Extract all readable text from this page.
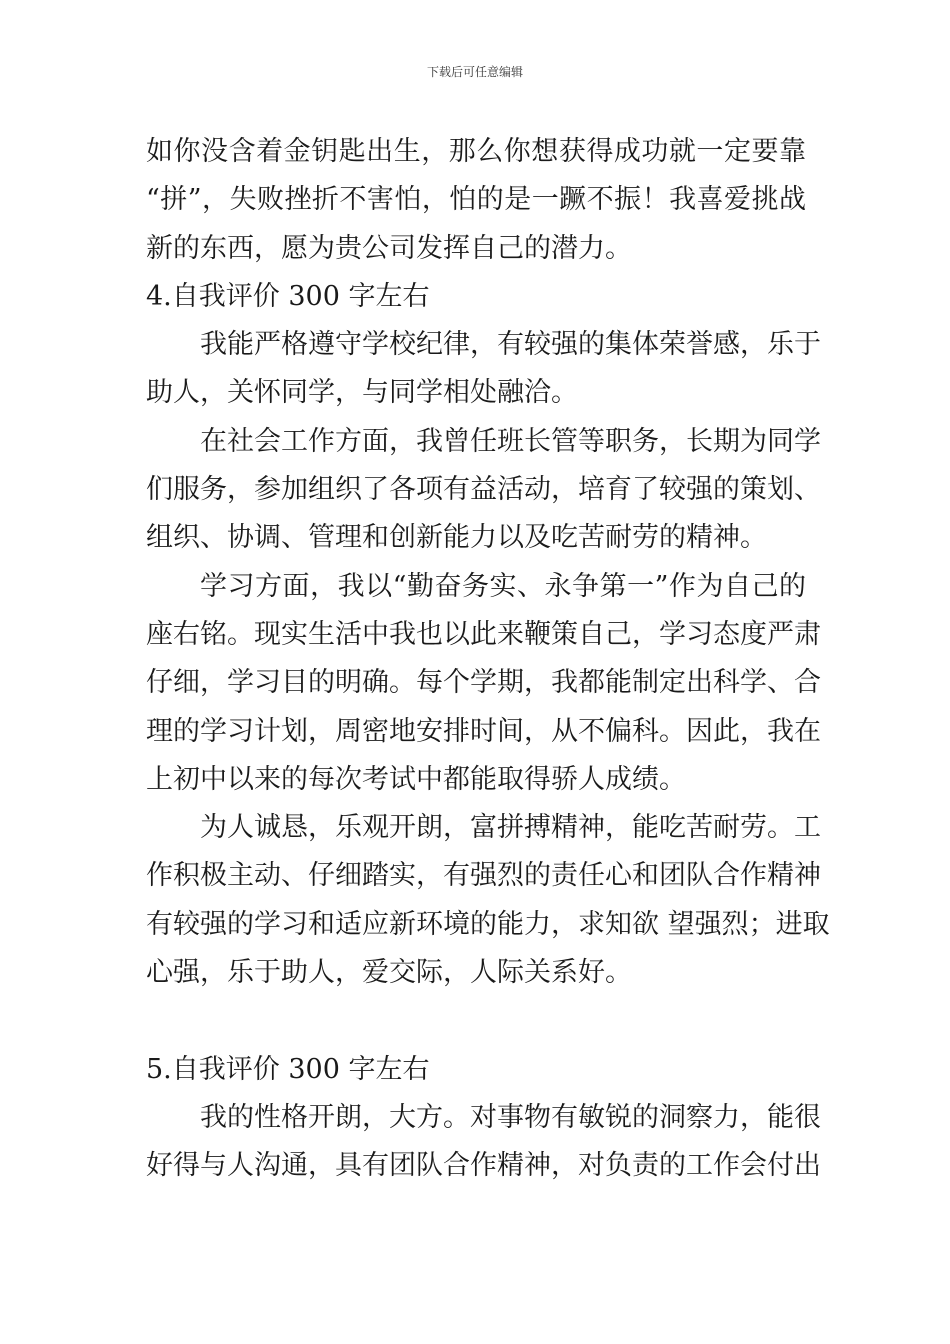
下载后可任意编辑
如你没含着金钥匙出生，那么你想获得成功就一定要靠
“拼”，失败挫折不害怕，怕的是一蹶不振！我喜爱挑战
新的东西，愿为贵公司发挥自己的潜力。
4.自我评价 300 字左右
我能严格遵守学校纪律，有较强的集体荣誉感，乐于
助人，关怀同学，与同学相处融洽。
在社会工作方面，我曾任班长管等职务，长期为同学
们服务，参加组织了各项有益活动，培育了较强的策划、
组织、协调、管理和创新能力以及吃苦耐劳的精神。
学习方面，我以“勤奋务实、永争第一”作为自己的
座右铭。现实生活中我也以此来鞭策自己，学习态度严肃
仔细，学习目的明确。每个学期，我都能制定出科学、合
理的学习计划，周密地安排时间，从不偏科。因此，我在
上初中以来的每次考试中都能取得骄人成绩。
为人诚恳，乐观开朗，富拼搏精神，能吃苦耐劳。工
作积极主动、仔细踏实，有强烈的责任心和团队合作精神
有较强的学习和适应新环境的能力，求知欲 望强烈；进取
心强，乐于助人，爱交际，人际关系好。
5.自我评价 300 字左右
我的性格开朗，大方。对事物有敏锐的洞察力，能很
好得与人沟通，具有团队合作精神，对负责的工作会付出
